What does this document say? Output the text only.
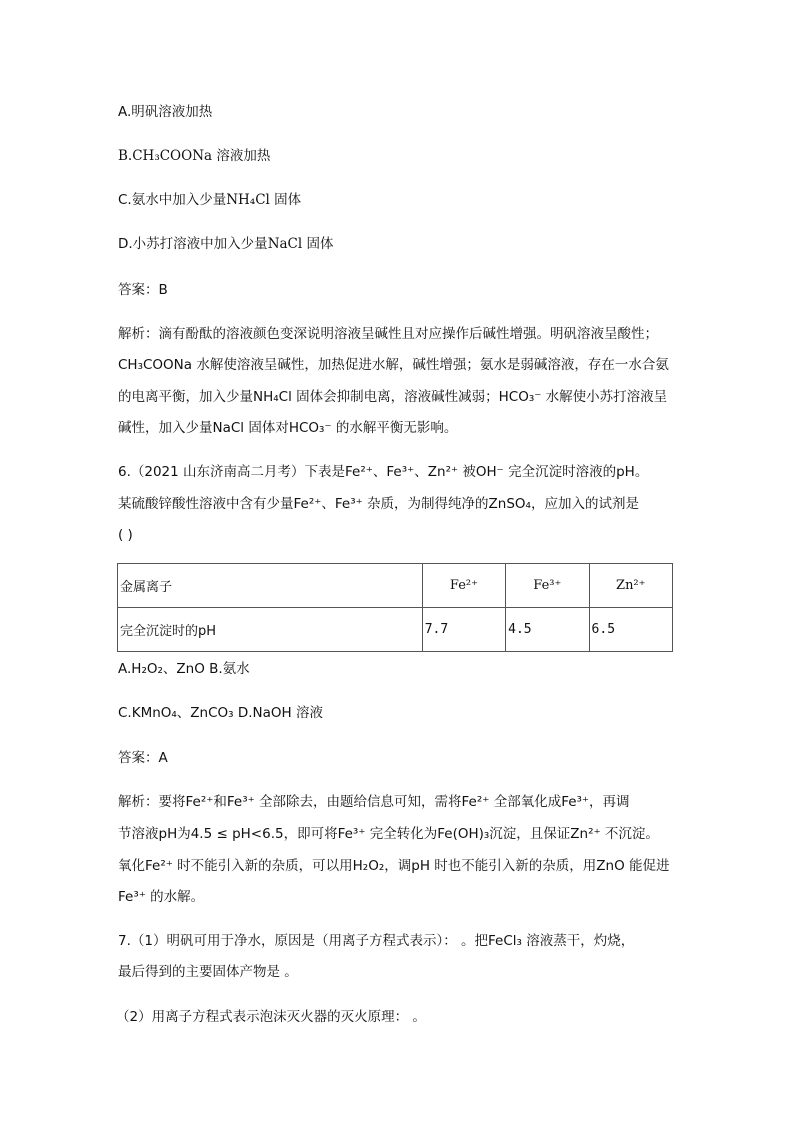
A.明矾溶液加热
B.CH₃COONa 溶液加热
C.氨水中加入少量NH₄Cl 固体
D.小苏打溶液中加入少量NaCl 固体
答案：B
解析：滴有酚酞的溶液颜色变深说明溶液呈碱性且对应操作后碱性增强。明矾溶液呈酸性；
CH₃COONa 水解使溶液呈碱性，加热促进水解，碱性增强；氨水是弱碱溶液，存在一水合氨
的电离平衡，加入少量NH₄Cl 固体会抑制电离，溶液碱性减弱；HCO₃⁻ 水解使小苏打溶液呈
碱性，加入少量NaCl 固体对HCO₃⁻ 的水解平衡无影响。
6.（2021 山东济南高二月考）下表是Fe²⁺、Fe³⁺、Zn²⁺ 被OH⁻ 完全沉淀时溶液的pH。
某硫酸锌酸性溶液中含有少量Fe²⁺、Fe³⁺ 杂质，为制得纯净的ZnSO₄，应加入的试剂是
( )
金属离子	Fe²⁺	Fe³⁺	Zn²⁺
完全沉淀时的pH	7.7	4.5	6.5
A.H₂O₂、ZnO B.氨水
C.KMnO₄、ZnCO₃ D.NaOH 溶液
答案：A
解析：要将Fe²⁺和Fe³⁺ 全部除去，由题给信息可知，需将Fe²⁺ 全部氧化成Fe³⁺，再调
节溶液pH为4.5 ≤ pH<6.5，即可将Fe³⁺ 完全转化为Fe(OH)₃沉淀，且保证Zn²⁺ 不沉淀。
氧化Fe²⁺ 时不能引入新的杂质，可以用H₂O₂，调pH 时也不能引入新的杂质，用ZnO 能促进
Fe³⁺ 的水解。
7.（1）明矾可用于净水，原因是（用离子方程式表示）： 。把FeCl₃ 溶液蒸干，灼烧，
最后得到的主要固体产物是 。
（2）用离子方程式表示泡沫灭火器的灭火原理： 。
